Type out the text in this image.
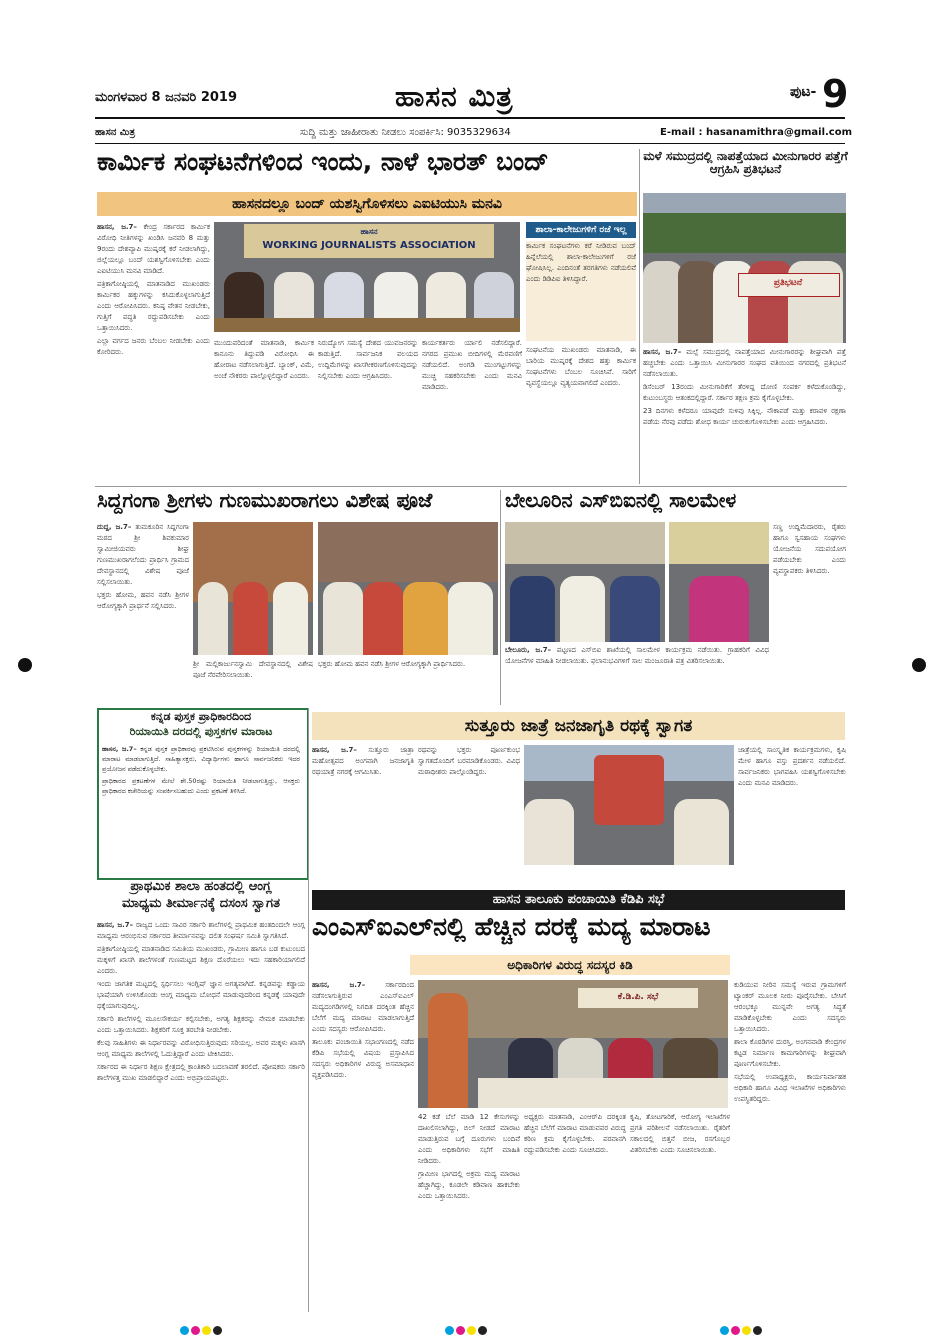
ಮಂಗಳವಾರ 8 ಜನವರಿ 2019	ಹಾಸನ ಮಿತ್ರ	ಪುಟ- 9
ಹಾಸನ ಮಿತ್ರ	ಸುದ್ದಿ ಮತ್ತು ಜಾಹೀರಾತು ನೀಡಲು ಸಂಪರ್ಕಿಸಿ: 9035329634	E-mail : hasanamithra@gmail.com
ಕಾರ್ಮಿಕ ಸಂಘಟನೆಗಳಿಂದ ಇಂದು, ನಾಳೆ ಭಾರತ್ ಬಂದ್
ಹಾಸನದಲ್ಲೂ ಬಂದ್ ಯಶಸ್ವಿಗೊಳಿಸಲು ಎಐಟಿಯುಸಿ ಮನವಿ

ಹಾಸನ, ಜ.7– ಕೇಂದ್ರ ಸರ್ಕಾರದ ಕಾರ್ಮಿಕ ವಿರೋಧಿ ನೀತಿಗಳನ್ನು ಖಂಡಿಸಿ ಜನವರಿ 8 ಮತ್ತು 9ರಂದು ದೇಶವ್ಯಾಪಿ ಮುಷ್ಕರಕ್ಕೆ ಕರೆ ನೀಡಲಾಗಿದ್ದು, ಜಿಲ್ಲೆಯಲ್ಲೂ ಬಂದ್ ಯಶಸ್ವಿಗೊಳಿಸಬೇಕು ಎಂದು ಎಐಟಿಯುಸಿ ಮನವಿ ಮಾಡಿದೆ.

ಪತ್ರಿಕಾಗೋಷ್ಠಿಯಲ್ಲಿ ಮಾತನಾಡಿದ ಮುಖಂಡರು ಕಾರ್ಮಿಕರ ಹಕ್ಕುಗಳನ್ನು ಕಸಿದುಕೊಳ್ಳಲಾಗುತ್ತಿದೆ ಎಂದು ಆರೋಪಿಸಿದರು. ಕನಿಷ್ಠ ವೇತನ ನೀಡಬೇಕು, ಗುತ್ತಿಗೆ ಪದ್ಧತಿ ರದ್ದುಪಡಿಸಬೇಕು ಎಂದು ಒತ್ತಾಯಿಸಿದರು.

ಎಲ್ಲಾ ವರ್ಗದ ಜನರು ಬೆಂಬಲ ನೀಡಬೇಕು ಎಂದು ಕೋರಿದರು.

WORKING JOURNALISTS ASSOCIATION
ಹಾಸನ

ಮುಂದುವರಿದಂತೆ ಮಾತನಾಡಿ, ಕಾರ್ಮಿಕ ಕಾನೂನು ತಿದ್ದುಪಡಿ ವಿರೋಧಿಸಿ ಈ ಹೋರಾಟ ನಡೆಸಲಾಗುತ್ತಿದೆ. ಬ್ಯಾಂಕ್, ವಿಮೆ, ಅಂಚೆ ನೌಕರರು ಪಾಲ್ಗೊಳ್ಳಲಿದ್ದಾರೆ ಎಂದರು.

ನಿರುದ್ಯೋಗ ಸಮಸ್ಯೆ ದೇಶದ ಯುವಜನರನ್ನು ಕಾಡುತ್ತಿದೆ. ಸಾರ್ವಜನಿಕ ವಲಯದ ಉದ್ದಿಮೆಗಳನ್ನು ಖಾಸಗೀಕರಣಗೊಳಿಸುವುದನ್ನು ನಿಲ್ಲಿಸಬೇಕು ಎಂದು ಆಗ್ರಹಿಸಿದರು.

ಕಾರ್ಯಕರ್ತರು ರ್ಯಾಲಿ ನಡೆಸಲಿದ್ದಾರೆ. ನಗರದ ಪ್ರಮುಖ ಬೀದಿಗಳಲ್ಲಿ ಮೆರವಣಿಗೆ ನಡೆಯಲಿದೆ. ಅಂಗಡಿ ಮುಂಗಟ್ಟುಗಳನ್ನು ಮುಚ್ಚಿ ಸಹಕರಿಸಬೇಕು ಎಂದು ಮನವಿ ಮಾಡಿದರು.

ಶಾಲಾ-ಕಾಲೇಜುಗಳಿಗೆ ರಜೆ ಇಲ್ಲ

ಕಾರ್ಮಿಕ ಸಂಘಟನೆಗಳು ಕರೆ ನೀಡಿರುವ ಬಂದ್ ಹಿನ್ನೆಲೆಯಲ್ಲಿ ಶಾಲಾ-ಕಾಲೇಜುಗಳಿಗೆ ರಜೆ ಘೋಷಿಸಿಲ್ಲ. ಎಂದಿನಂತೆ ತರಗತಿಗಳು ನಡೆಯಲಿವೆ ಎಂದು ಡಿಡಿಪಿಐ ತಿಳಿಸಿದ್ದಾರೆ.

ಸಂಘಟನೆಯ ಮುಖಂಡರು ಮಾತನಾಡಿ, ಈ ಬಾರಿಯ ಮುಷ್ಕರಕ್ಕೆ ದೇಶದ ಹತ್ತು ಕಾರ್ಮಿಕ ಸಂಘಟನೆಗಳು ಬೆಂಬಲ ಸೂಚಿಸಿವೆ. ಸಾರಿಗೆ ವ್ಯವಸ್ಥೆಯಲ್ಲೂ ವ್ಯತ್ಯಯವಾಗಲಿದೆ ಎಂದರು.

ಮಳೆ ಸಮುದ್ರದಲ್ಲಿ ನಾಪತ್ತೆಯಾದ ಮೀನುಗಾರರ ಪತ್ತೆಗೆ ಆಗ್ರಹಿಸಿ ಪ್ರತಿಭಟನೆ
ಪ್ರತಿಭಟನೆ

ಹಾಸನ, ಜ.7– ಮಲ್ಪೆ ಸಮುದ್ರದಲ್ಲಿ ನಾಪತ್ತೆಯಾದ ಮೀನುಗಾರರನ್ನು ಶೀಘ್ರವಾಗಿ ಪತ್ತೆ ಹಚ್ಚಬೇಕು ಎಂದು ಒತ್ತಾಯಿಸಿ ಮೀನುಗಾರರ ಸಂಘದ ವತಿಯಿಂದ ನಗರದಲ್ಲಿ ಪ್ರತಿಭಟನೆ ನಡೆಸಲಾಯಿತು.

ಡಿಸೆಂಬರ್ 13ರಂದು ಮೀನುಗಾರಿಕೆಗೆ ತೆರಳಿದ್ದ ದೋಣಿ ಸಂಪರ್ಕ ಕಳೆದುಕೊಂಡಿದ್ದು, ಕುಟುಂಬಸ್ಥರು ಆತಂಕದಲ್ಲಿದ್ದಾರೆ. ಸರ್ಕಾರ ತಕ್ಷಣ ಕ್ರಮ ಕೈಗೊಳ್ಳಬೇಕು.

23 ದಿನಗಳು ಕಳೆದರೂ ಯಾವುದೇ ಸುಳಿವು ಸಿಕ್ಕಿಲ್ಲ. ನೌಕಾಪಡೆ ಮತ್ತು ಕರಾವಳಿ ರಕ್ಷಣಾ ಪಡೆಯ ನೆರವು ಪಡೆದು ಶೋಧ ಕಾರ್ಯ ಚುರುಕುಗೊಳಿಸಬೇಕು ಎಂದು ಆಗ್ರಹಿಸಿದರು.

ಸಿದ್ದಗಂಗಾ ಶ್ರೀಗಳು ಗುಣಮುಖರಾಗಲು ವಿಶೇಷ ಪೂಜೆ

ದುದ್ದ, ಜ.7– ತುಮಕೂರಿನ ಸಿದ್ದಗಂಗಾ ಮಠದ ಶ್ರೀ ಶಿವಕುಮಾರ ಸ್ವಾಮೀಜಿಯವರು ಶೀಘ್ರ ಗುಣಮುಖರಾಗಲೆಂದು ಪ್ರಾರ್ಥಿಸಿ ಗ್ರಾಮದ ದೇವಸ್ಥಾನದಲ್ಲಿ ವಿಶೇಷ ಪೂಜೆ ಸಲ್ಲಿಸಲಾಯಿತು.

ಭಕ್ತರು ಹೋಮ, ಹವನ ನಡೆಸಿ ಶ್ರೀಗಳ ಆರೋಗ್ಯಕ್ಕಾಗಿ ಪ್ರಾರ್ಥನೆ ಸಲ್ಲಿಸಿದರು.

ಶ್ರೀ ಮಲ್ಲಿಕಾರ್ಜುನಸ್ವಾಮಿ ದೇವಸ್ಥಾನದಲ್ಲಿ ವಿಶೇಷ ಪೂಜೆ ನೆರವೇರಿಸಲಾಯಿತು.

ಭಕ್ತರು ಹೋಮ ಹವನ ನಡೆಸಿ ಶ್ರೀಗಳ ಆರೋಗ್ಯಕ್ಕಾಗಿ ಪ್ರಾರ್ಥಿಸಿದರು.

ಬೇಲೂರಿನ ಎಸ್‌ಬಿಐನಲ್ಲಿ ಸಾಲಮೇಳ

ಬೇಲೂರು, ಜ.7– ಪಟ್ಟಣದ ಎಸ್‌ಬಿಐ ಶಾಖೆಯಲ್ಲಿ ಸಾಲಮೇಳ ಕಾರ್ಯಕ್ರಮ ನಡೆಯಿತು. ಗ್ರಾಹಕರಿಗೆ ವಿವಿಧ ಯೋಜನೆಗಳ ಮಾಹಿತಿ ನೀಡಲಾಯಿತು. ಫಲಾನುಭವಿಗಳಿಗೆ ಸಾಲ ಮಂಜೂರಾತಿ ಪತ್ರ ವಿತರಿಸಲಾಯಿತು.

ಸಣ್ಣ ಉದ್ದಿಮೆದಾರರು, ರೈತರು ಹಾಗೂ ಸ್ವಸಹಾಯ ಸಂಘಗಳು ಯೋಜನೆಯ ಸದುಪಯೋಗ ಪಡೆಯಬೇಕು ಎಂದು ವ್ಯವಸ್ಥಾಪಕರು ತಿಳಿಸಿದರು.

ಕನ್ನಡ ಪುಸ್ತಕ ಪ್ರಾಧಿಕಾರದಿಂದ
ರಿಯಾಯಿತಿ ದರದಲ್ಲಿ ಪುಸ್ತಕಗಳ ಮಾರಾಟ

ಹಾಸನ, ಜ.7– ಕನ್ನಡ ಪುಸ್ತಕ ಪ್ರಾಧಿಕಾರವು ಪ್ರಕಟಿಸಿರುವ ಪುಸ್ತಕಗಳನ್ನು ರಿಯಾಯಿತಿ ದರದಲ್ಲಿ ಮಾರಾಟ ಮಾಡಲಾಗುತ್ತಿದೆ. ಸಾಹಿತ್ಯಾಸಕ್ತರು, ವಿದ್ಯಾರ್ಥಿಗಳು ಹಾಗೂ ಸಾರ್ವಜನಿಕರು ಇದರ ಪ್ರಯೋಜನ ಪಡೆದುಕೊಳ್ಳಬೇಕು.

ಪ್ರಾಧಿಕಾರದ ಪ್ರಕಟಣೆಗಳ ಮೇಲೆ ಶೇ.50ರಷ್ಟು ರಿಯಾಯಿತಿ ನೀಡಲಾಗುತ್ತಿದ್ದು, ಆಸಕ್ತರು ಪ್ರಾಧಿಕಾರದ ಕಚೇರಿಯನ್ನು ಸಂಪರ್ಕಿಸಬಹುದು ಎಂದು ಪ್ರಕಟಣೆ ತಿಳಿಸಿದೆ.

ಸುತ್ತೂರು ಜಾತ್ರೆ ಜನಜಾಗೃತಿ ರಥಕ್ಕೆ ಸ್ವಾಗತ

ಹಾಸನ, ಜ.7– ಸುತ್ತೂರು ಜಾತ್ರಾ ಮಹೋತ್ಸವದ ಅಂಗವಾಗಿ ಜನಜಾಗೃತಿ ರಥಯಾತ್ರೆ ನಗರಕ್ಕೆ ಆಗಮಿಸಿತು.

ರಥವನ್ನು ಭಕ್ತರು ಪೂರ್ಣಕುಂಭ ಸ್ವಾಗತದೊಂದಿಗೆ ಬರಮಾಡಿಕೊಂಡರು. ವಿವಿಧ ಮಠಾಧೀಶರು ಪಾಲ್ಗೊಂಡಿದ್ದರು.

ಜಾತ್ರೆಯಲ್ಲಿ ಸಾಂಸ್ಕೃತಿಕ ಕಾರ್ಯಕ್ರಮಗಳು, ಕೃಷಿ ಮೇಳ ಹಾಗೂ ವಸ್ತು ಪ್ರದರ್ಶನ ನಡೆಯಲಿದೆ. ಸಾರ್ವಜನಿಕರು ಭಾಗವಹಿಸಿ ಯಶಸ್ವಿಗೊಳಿಸಬೇಕು ಎಂದು ಮನವಿ ಮಾಡಿದರು.

ಪ್ರಾಥಮಿಕ ಶಾಲಾ ಹಂತದಲ್ಲಿ ಆಂಗ್ಲ
ಮಾಧ್ಯಮ ತೀರ್ಮಾನಕ್ಕೆ ದಸಂಸ ಸ್ವಾಗತ

ಹಾಸನ, ಜ.7– ರಾಜ್ಯದ ಒಂದು ಸಾವಿರ ಸರ್ಕಾರಿ ಶಾಲೆಗಳಲ್ಲಿ ಪ್ರಾಥಮಿಕ ಹಂತದಿಂದಲೇ ಆಂಗ್ಲ ಮಾಧ್ಯಮ ಆರಂಭಿಸುವ ಸರ್ಕಾರದ ತೀರ್ಮಾನವನ್ನು ದಲಿತ ಸಂಘರ್ಷ ಸಮಿತಿ ಸ್ವಾಗತಿಸಿದೆ.

ಪತ್ರಿಕಾಗೋಷ್ಠಿಯಲ್ಲಿ ಮಾತನಾಡಿದ ಸಮಿತಿಯ ಮುಖಂಡರು, ಗ್ರಾಮೀಣ ಹಾಗೂ ಬಡ ಕುಟುಂಬದ ಮಕ್ಕಳಿಗೆ ಖಾಸಗಿ ಶಾಲೆಗಳಂತೆ ಗುಣಮಟ್ಟದ ಶಿಕ್ಷಣ ದೊರೆಯಲು ಇದು ಸಹಕಾರಿಯಾಗಲಿದೆ ಎಂದರು.

ಇಂದು ಜಾಗತಿಕ ಮಟ್ಟದಲ್ಲಿ ಸ್ಪರ್ಧಿಸಲು ಇಂಗ್ಲಿಷ್ ಜ್ಞಾನ ಅಗತ್ಯವಾಗಿದೆ. ಕನ್ನಡವನ್ನು ಕಡ್ಡಾಯ ಭಾಷೆಯಾಗಿ ಉಳಿಸಿಕೊಂಡು ಆಂಗ್ಲ ಮಾಧ್ಯಮ ಬೋಧನೆ ಮಾಡುವುದರಿಂದ ಕನ್ನಡಕ್ಕೆ ಯಾವುದೇ ಧಕ್ಕೆಯಾಗುವುದಿಲ್ಲ.

ಸರ್ಕಾರಿ ಶಾಲೆಗಳಲ್ಲಿ ಮೂಲಸೌಕರ್ಯ ಕಲ್ಪಿಸಬೇಕು, ಅಗತ್ಯ ಶಿಕ್ಷಕರನ್ನು ನೇಮಕ ಮಾಡಬೇಕು ಎಂದು ಒತ್ತಾಯಿಸಿದರು. ಶಿಕ್ಷಕರಿಗೆ ಸೂಕ್ತ ತರಬೇತಿ ನೀಡಬೇಕು.

ಕೆಲವು ಸಾಹಿತಿಗಳು ಈ ನಿರ್ಧಾರವನ್ನು ವಿರೋಧಿಸುತ್ತಿರುವುದು ಸರಿಯಲ್ಲ. ಅವರ ಮಕ್ಕಳು ಖಾಸಗಿ ಆಂಗ್ಲ ಮಾಧ್ಯಮ ಶಾಲೆಗಳಲ್ಲಿ ಓದುತ್ತಿದ್ದಾರೆ ಎಂದು ಟೀಕಿಸಿದರು.

ಸರ್ಕಾರದ ಈ ನಿರ್ಧಾರ ಶಿಕ್ಷಣ ಕ್ಷೇತ್ರದಲ್ಲಿ ಕ್ರಾಂತಿಕಾರಿ ಬದಲಾವಣೆ ತರಲಿದೆ. ಪೋಷಕರು ಸರ್ಕಾರಿ ಶಾಲೆಗಳತ್ತ ಮುಖ ಮಾಡಲಿದ್ದಾರೆ ಎಂದು ಅಭಿಪ್ರಾಯಪಟ್ಟರು.

ಹಾಸನ ತಾಲೂಕು ಪಂಚಾಯಿತಿ ಕೆಡಿಪಿ ಸಭೆ
ಎಂಎಸ್‌ಐಎಲ್‌ನಲ್ಲಿ ಹೆಚ್ಚಿನ ದರಕ್ಕೆ ಮದ್ಯ ಮಾರಾಟ
ಅಧಿಕಾರಿಗಳ ವಿರುದ್ಧ ಸದಸ್ಯರ ಕಿಡಿ

ಹಾಸನ, ಜ.7– ಸರ್ಕಾರದಿಂದ ನಡೆಸಲಾಗುತ್ತಿರುವ ಎಂಎಸ್‌ಐಎಲ್ ಮದ್ಯದಂಗಡಿಗಳಲ್ಲಿ ನಿಗದಿತ ದರಕ್ಕಿಂತ ಹೆಚ್ಚಿನ ಬೆಲೆಗೆ ಮದ್ಯ ಮಾರಾಟ ಮಾಡಲಾಗುತ್ತಿದೆ ಎಂದು ಸದಸ್ಯರು ಆರೋಪಿಸಿದರು.

ತಾಲೂಕು ಪಂಚಾಯಿತಿ ಸಭಾಂಗಣದಲ್ಲಿ ನಡೆದ ಕೆಡಿಪಿ ಸಭೆಯಲ್ಲಿ ವಿಷಯ ಪ್ರಸ್ತಾಪಿಸಿದ ಸದಸ್ಯರು ಅಧಿಕಾರಿಗಳ ವಿರುದ್ಧ ಅಸಮಾಧಾನ ವ್ಯಕ್ತಪಡಿಸಿದರು.

ಕೆ.ಡಿ.ಪಿ. ಸಭೆ

42 ಕಡೆ ಬೆಲೆ ಮಾಡಿ 12 ಕೇಸುಗಳನ್ನು ದಾಖಲಿಸಲಾಗಿದ್ದು, ಬಿಲ್ ನೀಡದೆ ಮಾರಾಟ ಮಾಡುತ್ತಿರುವ ಬಗ್ಗೆ ದೂರುಗಳು ಬಂದಿವೆ ಎಂದು ಅಧಿಕಾರಿಗಳು ಸಭೆಗೆ ಮಾಹಿತಿ ನೀಡಿದರು.

ಗ್ರಾಮೀಣ ಭಾಗದಲ್ಲಿ ಅಕ್ರಮ ಮದ್ಯ ಮಾರಾಟ ಹೆಚ್ಚಾಗಿದ್ದು, ಕೂಡಲೇ ಕಡಿವಾಣ ಹಾಕಬೇಕು ಎಂದು ಒತ್ತಾಯಿಸಿದರು.

ಅಧ್ಯಕ್ಷರು ಮಾತನಾಡಿ, ಎಂಆರ್‌ಪಿ ದರಕ್ಕಿಂತ ಹೆಚ್ಚಿನ ಬೆಲೆಗೆ ಮಾರಾಟ ಮಾಡುವವರ ವಿರುದ್ಧ ಕಠಿಣ ಕ್ರಮ ಕೈಗೊಳ್ಳಬೇಕು. ಪರವಾನಗಿ ರದ್ದುಪಡಿಸಬೇಕು ಎಂದು ಸೂಚಿಸಿದರು.

ಕೃಷಿ, ತೋಟಗಾರಿಕೆ, ಆರೋಗ್ಯ ಇಲಾಖೆಗಳ ಪ್ರಗತಿ ಪರಿಶೀಲನೆ ನಡೆಸಲಾಯಿತು. ರೈತರಿಗೆ ಸಕಾಲದಲ್ಲಿ ಬಿತ್ತನೆ ಬೀಜ, ರಸಗೊಬ್ಬರ ವಿತರಿಸಬೇಕು ಎಂದು ಸೂಚಿಸಲಾಯಿತು.

ಕುಡಿಯುವ ನೀರಿನ ಸಮಸ್ಯೆ ಇರುವ ಗ್ರಾಮಗಳಿಗೆ ಟ್ಯಾಂಕರ್ ಮೂಲಕ ನೀರು ಪೂರೈಸಬೇಕು. ಬೇಸಿಗೆ ಆರಂಭಕ್ಕೂ ಮುನ್ನವೇ ಅಗತ್ಯ ಸಿದ್ಧತೆ ಮಾಡಿಕೊಳ್ಳಬೇಕು ಎಂದು ಸದಸ್ಯರು ಒತ್ತಾಯಿಸಿದರು.

ಶಾಲಾ ಕೊಠಡಿಗಳ ದುರಸ್ತಿ, ಅಂಗನವಾಡಿ ಕೇಂದ್ರಗಳ ಕಟ್ಟಡ ನಿರ್ಮಾಣ ಕಾಮಗಾರಿಗಳನ್ನು ಶೀಘ್ರವಾಗಿ ಪೂರ್ಣಗೊಳಿಸಬೇಕು.

ಸಭೆಯಲ್ಲಿ ಉಪಾಧ್ಯಕ್ಷರು, ಕಾರ್ಯನಿರ್ವಾಹಕ ಅಧಿಕಾರಿ ಹಾಗೂ ವಿವಿಧ ಇಲಾಖೆಗಳ ಅಧಿಕಾರಿಗಳು ಉಪಸ್ಥಿತರಿದ್ದರು.
